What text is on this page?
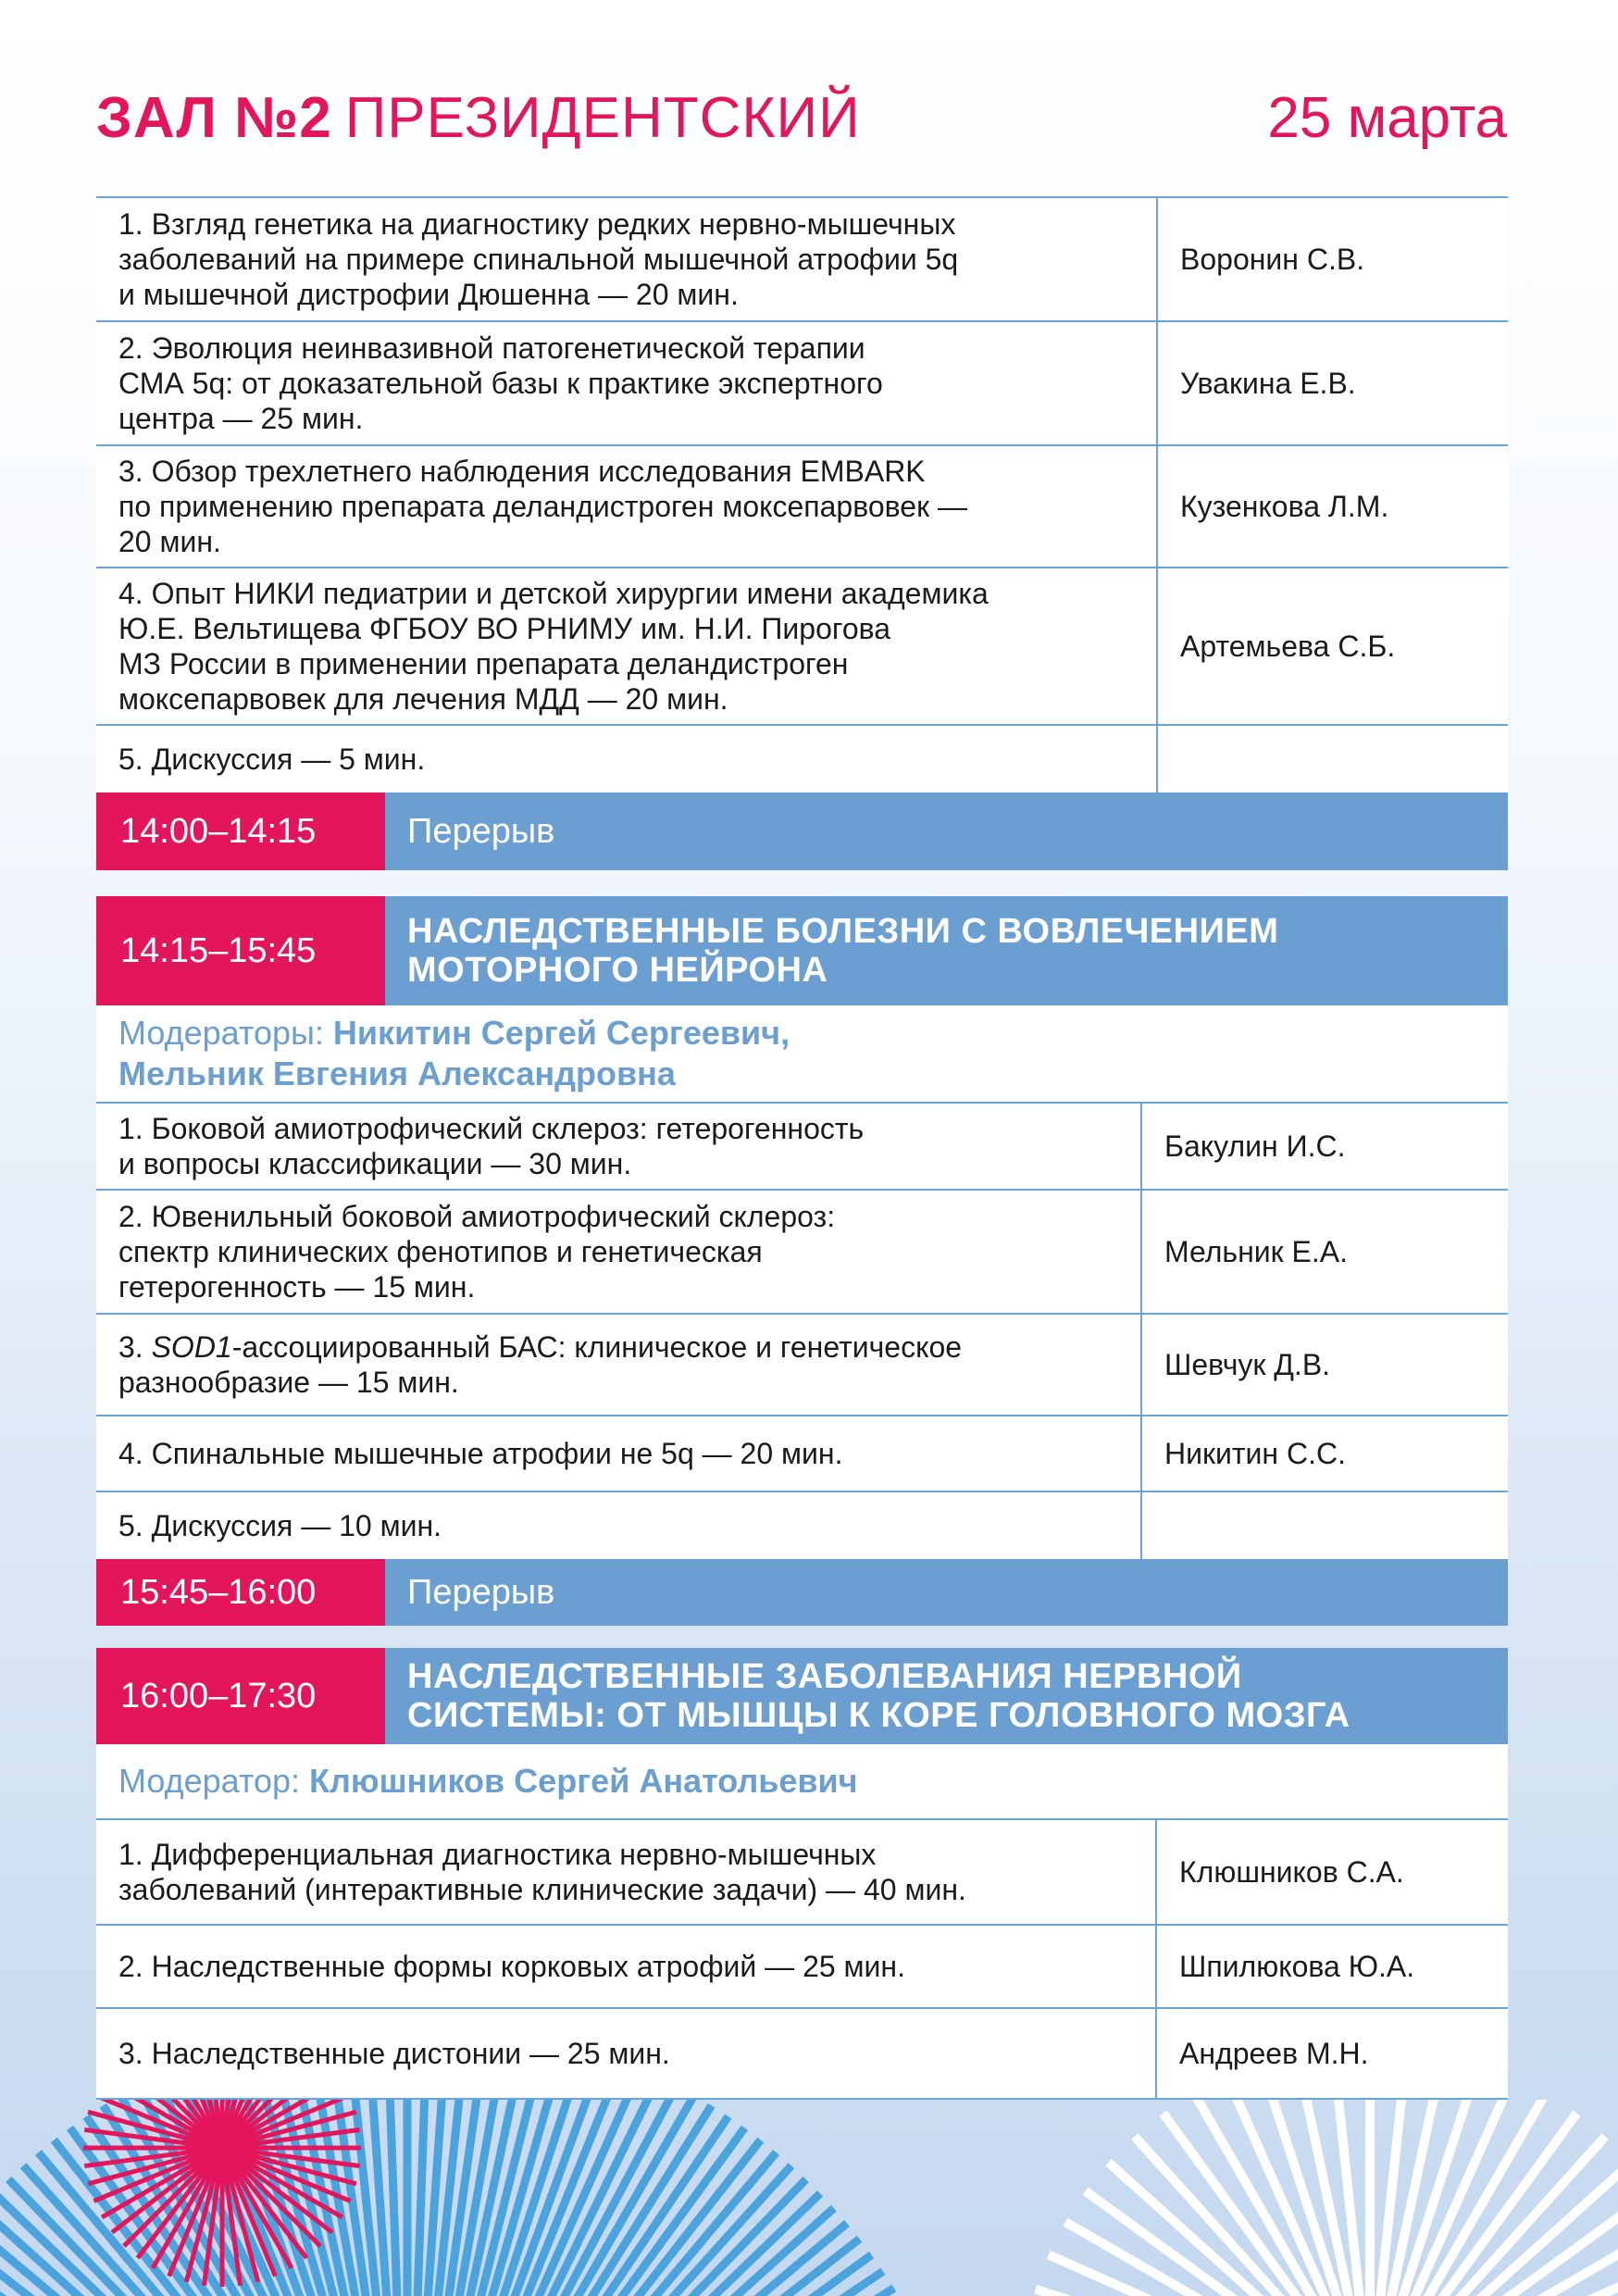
ЗАЛ №2 ПРЕЗИДЕНТСКИЙ	25 марта
1. Взгляд генетика на диагностику редких нервно-мышечных
заболеваний на примере спинальной мышечной атрофии 5q
и мышечной дистрофии Дюшенна — 20 мин.
Воронин С.В.
2. Эволюция неинвазивной патогенетической терапии
СМА 5q: от доказательной базы к практике экспертного
центра — 25 мин.
Увакина Е.В.
3. Обзор трехлетнего наблюдения исследования EMBARK
по применению препарата деландистроген моксепарвовек —
20 мин.
Кузенкова Л.М.
4. Опыт НИКИ педиатрии и детской хирургии имени академика
Ю.Е. Вельтищева ФГБОУ ВО РНИМУ им. Н.И. Пирогова
МЗ России в применении препарата деландистроген
моксепарвовек для лечения МДД — 20 мин.
Артемьева С.Б.
5. Дискуссия — 5 мин.
14:00–14:15	Перерыв
14:15–15:45	НАСЛЕДСТВЕННЫЕ БОЛЕЗНИ С ВОВЛЕЧЕНИЕМ
МОТОРНОГО НЕЙРОНА
Модераторы: Никитин Сергей Сергеевич,
Мельник Евгения Александровна
1. Боковой амиотрофический склероз: гетерогенность
и вопросы классификации — 30 мин.
Бакулин И.С.
2. Ювенильный боковой амиотрофический склероз:
спектр клинических фенотипов и генетическая
гетерогенность — 15 мин.
Мельник Е.А.
3. SOD1-ассоциированный БАС: клиническое и генетическое
разнообразие — 15 мин.
Шевчук Д.В.
4. Спинальные мышечные атрофии не 5q — 20 мин.	Никитин С.С.
5. Дискуссия — 10 мин.
15:45–16:00	Перерыв
16:00–17:30	НАСЛЕДСТВЕННЫЕ ЗАБОЛЕВАНИЯ НЕРВНОЙ
СИСТЕМЫ: ОТ МЫШЦЫ К КОРЕ ГОЛОВНОГО МОЗГА
Модератор: Клюшников Сергей Анатольевич
1. Дифференциальная диагностика нервно-мышечных
заболеваний (интерактивные клинические задачи) — 40 мин.
Клюшников С.А.
2. Наследственные формы корковых атрофий — 25 мин.	Шпилюкова Ю.А.
3. Наследственные дистонии — 25 мин.	Андреев М.Н.
